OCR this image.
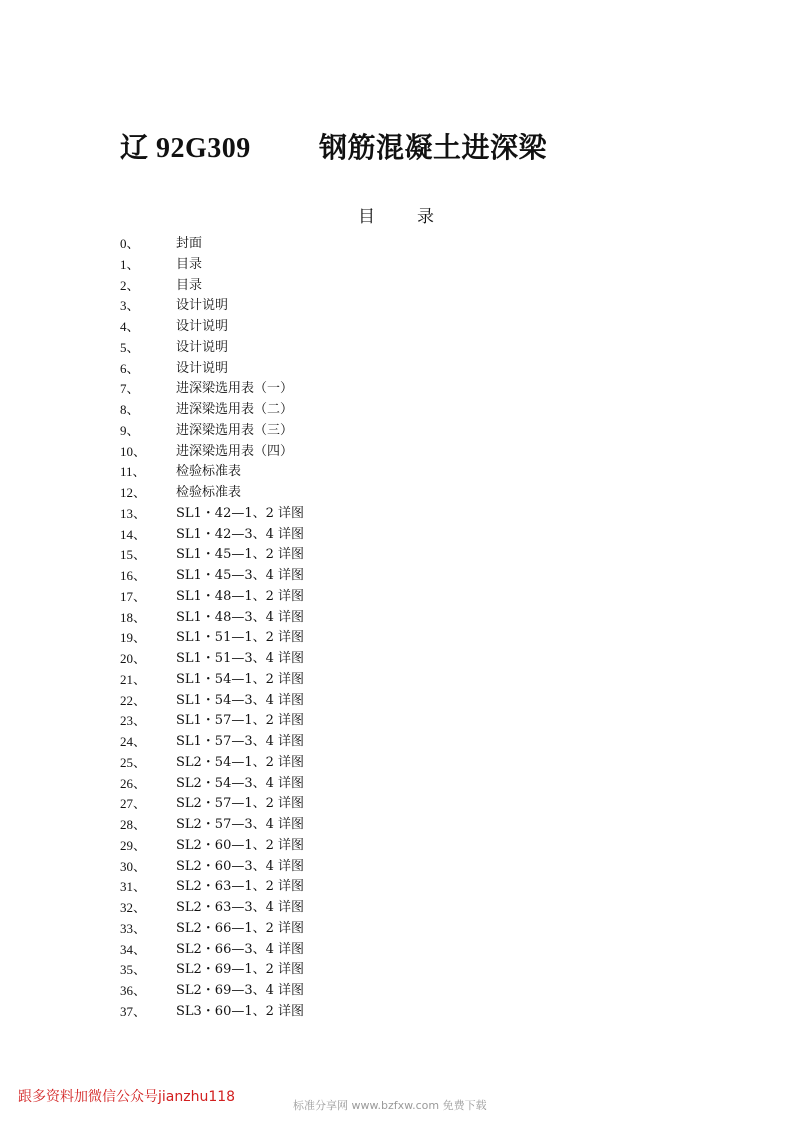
辽 92G309 钢筋混凝土进深梁
目 录
0、	封面
1、	目录
2、	目录
3、	设计说明
4、	设计说明
5、	设计说明
6、	设计说明
7、	进深梁选用表（一）
8、	进深梁选用表（二）
9、	进深梁选用表（三）
10、	进深梁选用表（四）
11、	检验标准表
12、	检验标准表
13、	SL1・42—1、2 详图
14、	SL1・42—3、4 详图
15、	SL1・45—1、2 详图
16、	SL1・45—3、4 详图
17、	SL1・48—1、2 详图
18、	SL1・48—3、4 详图
19、	SL1・51—1、2 详图
20、	SL1・51—3、4 详图
21、	SL1・54—1、2 详图
22、	SL1・54—3、4 详图
23、	SL1・57—1、2 详图
24、	SL1・57—3、4 详图
25、	SL2・54—1、2 详图
26、	SL2・54—3、4 详图
27、	SL2・57—1、2 详图
28、	SL2・57—3、4 详图
29、	SL2・60—1、2 详图
30、	SL2・60—3、4 详图
31、	SL2・63—1、2 详图
32、	SL2・63—3、4 详图
33、	SL2・66—1、2 详图
34、	SL2・66—3、4 详图
35、	SL2・69—1、2 详图
36、	SL2・69—3、4 详图
37、	SL3・60—1、2 详图
跟多资料加微信公众号jianzhu118
标准分享网 www.bzfxw.com 免费下载
